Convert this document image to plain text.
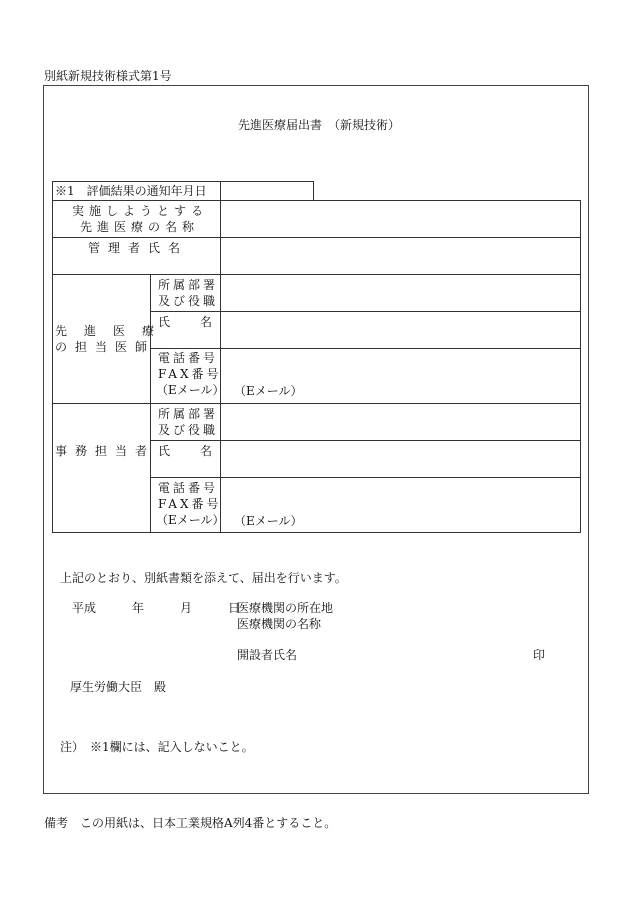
別紙新規技術様式第1号
先進医療届出書　（新規技術）
※1　評価結果の通知年月日
実施しようとする
先進医療の名称
管理者氏名
先進医療
の担当医師
所属部署
及び役職
氏　　名
電話番号
FAX番号
（Eメール） （Eメール）
事務担当者
所属部署
及び役職
氏　　名
電話番号
FAX番号
（Eメール） （Eメール）
上記のとおり、別紙書類を添えて、届出を行います。
平成　　　年　　　月　　　日
医療機関の所在地
医療機関の名称
開設者氏名	印
厚生労働大臣　殿
注）　※1欄には、記入しないこと。
備考　この用紙は、日本工業規格A列4番とすること。
